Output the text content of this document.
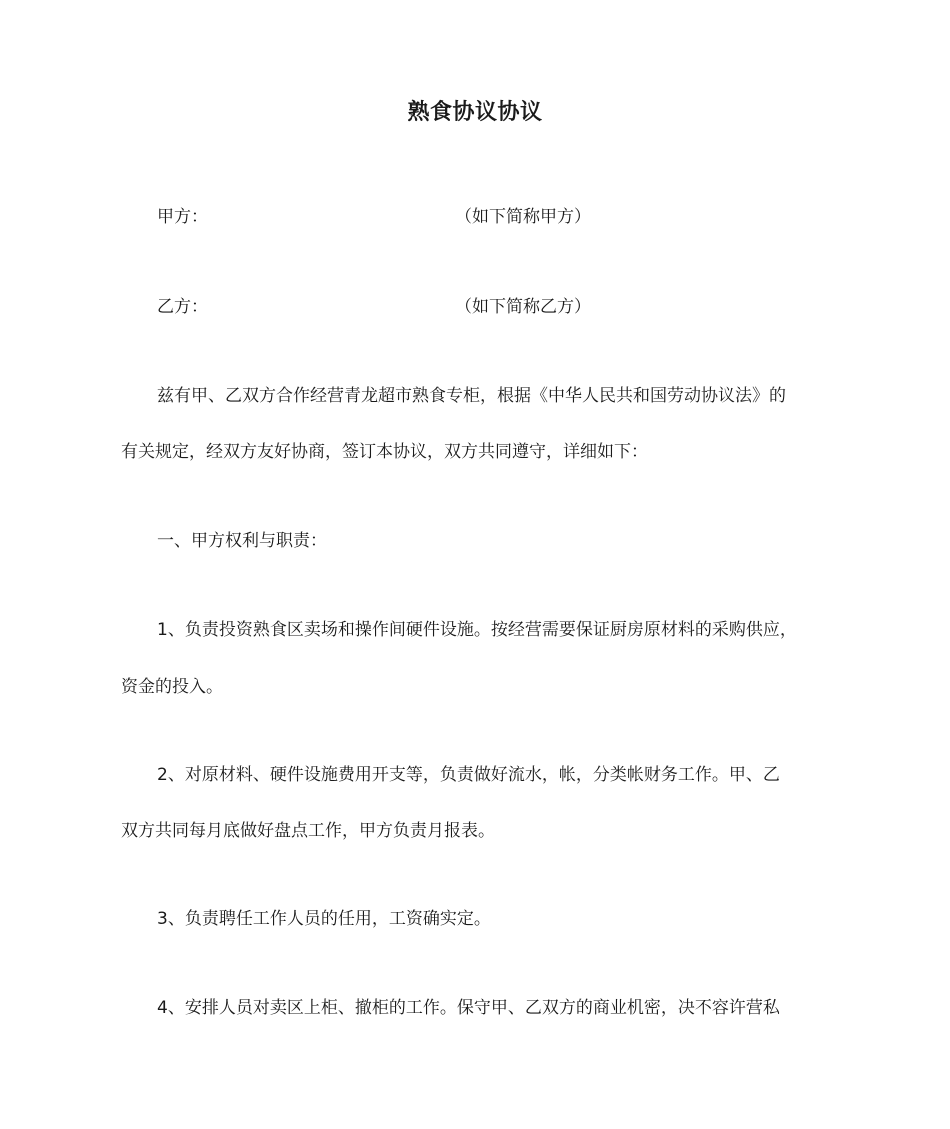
熟食协议协议
甲方：	（如下简称甲方）
乙方：	（如下简称乙方）
兹有甲、乙双方合作经营青龙超市熟食专柜，根据《中华人民共和国劳动协议法》的
有关规定，经双方友好协商，签订本协议，双方共同遵守，详细如下：
一、甲方权利与职责：
1、负责投资熟食区卖场和操作间硬件设施。按经营需要保证厨房原材料的采购供应，
资金的投入。
2、对原材料、硬件设施费用开支等，负责做好流水，帐，分类帐财务工作。甲、乙
双方共同每月底做好盘点工作，甲方负责月报表。
3、负责聘任工作人员的任用，工资确实定。
4、安排人员对卖区上柜、撤柜的工作。保守甲、乙双方的商业机密，决不容许营私
